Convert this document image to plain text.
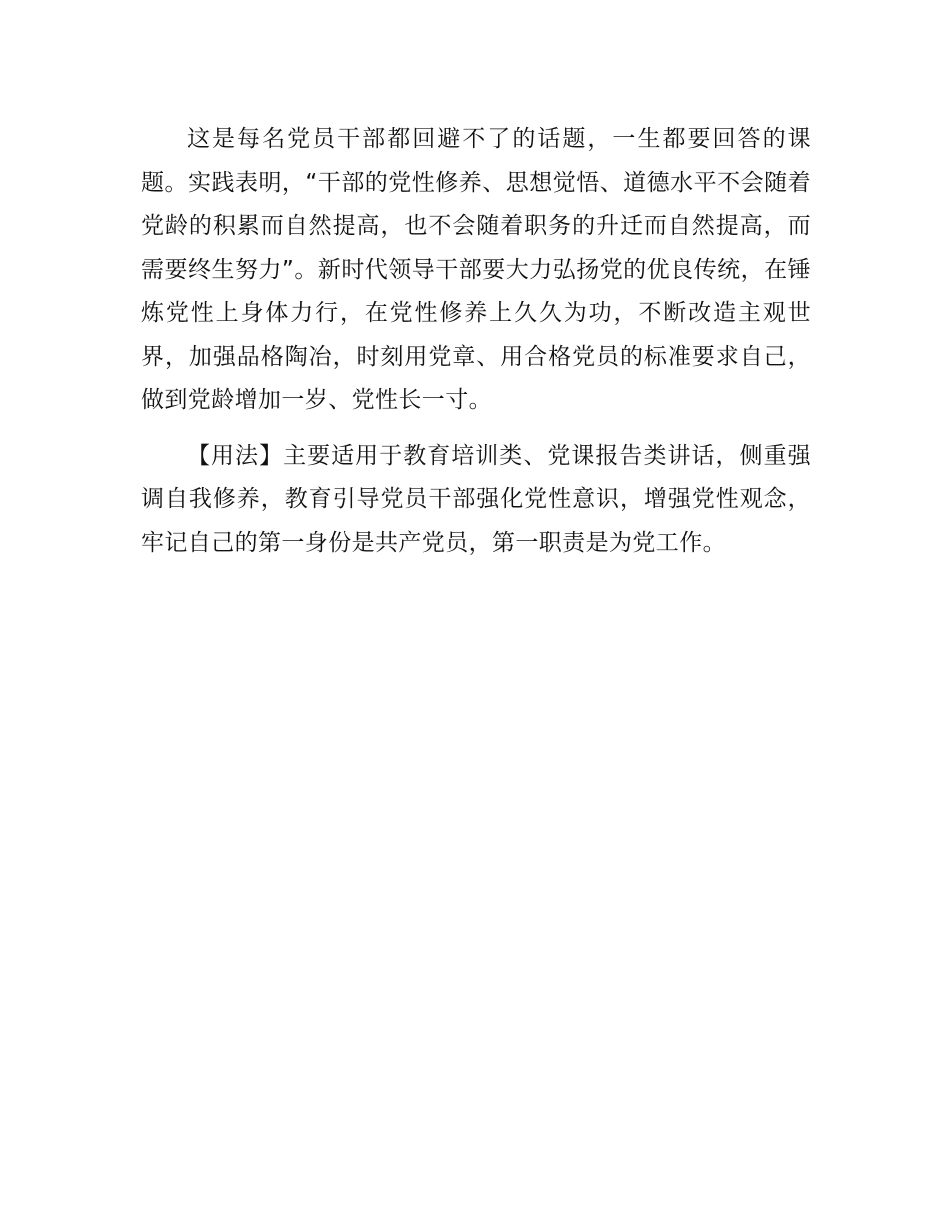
这是每名党员干部都回避不了的话题，一生都要回答的课题。实践表明，“干部的党性修养、思想觉悟、道德水平不会随着党龄的积累而自然提高，也不会随着职务的升迁而自然提高，而需要终生努力”。新时代领导干部要大力弘扬党的优良传统，在锤炼党性上身体力行，在党性修养上久久为功，不断改造主观世界，加强品格陶冶，时刻用党章、用合格党员的标准要求自己，做到党龄增加一岁、党性长一寸。

【用法】主要适用于教育培训类、党课报告类讲话，侧重强调自我修养，教育引导党员干部强化党性意识，增强党性观念，牢记自己的第一身份是共产党员，第一职责是为党工作。
